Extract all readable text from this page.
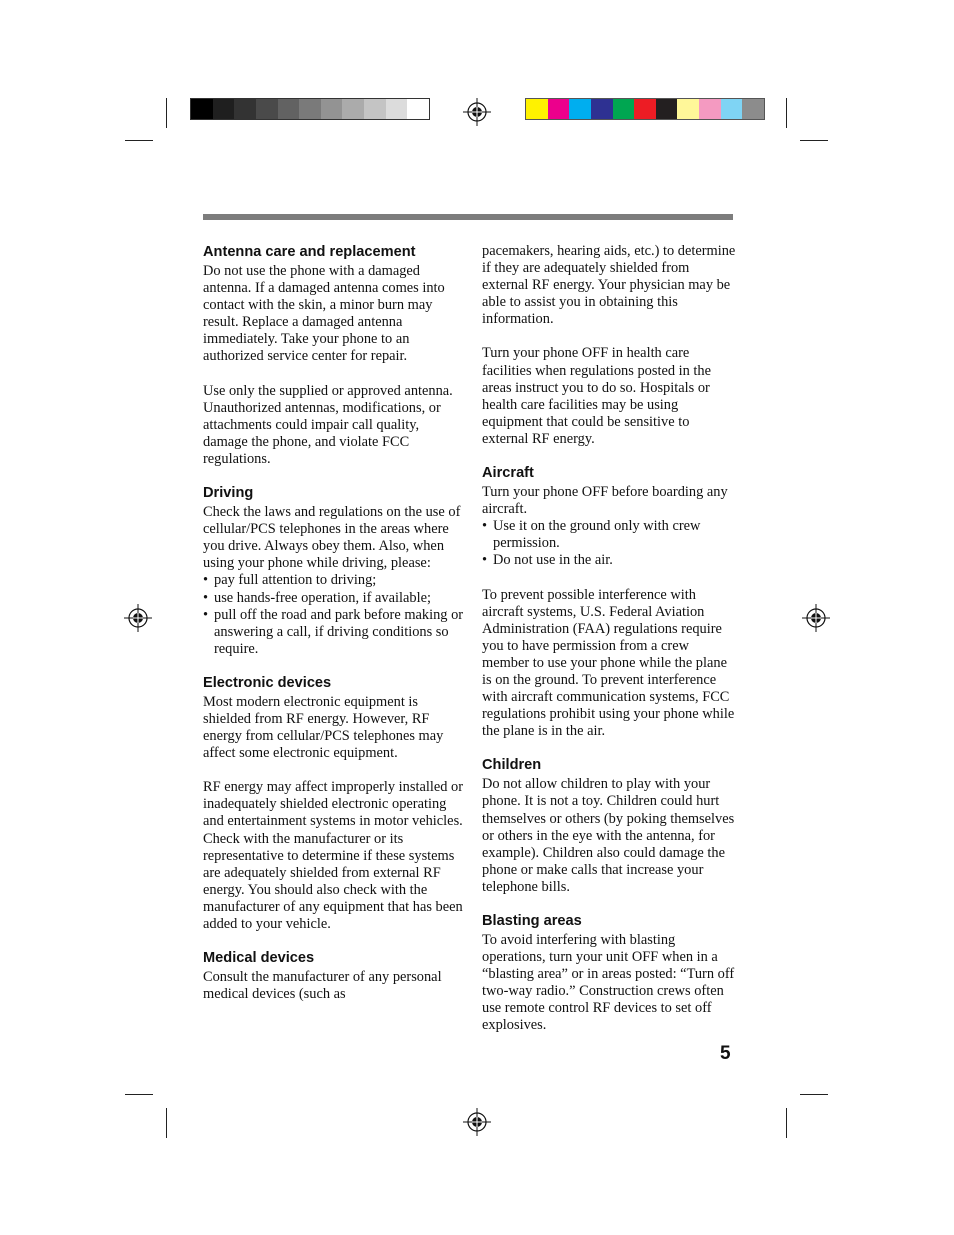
Antenna care and replacement

Do not use the phone with a damaged antenna. If a damaged antenna comes into contact with the skin, a minor burn may result. Replace a damaged antenna immediately. Take your phone to an authorized service center for repair.

Use only the supplied or approved antenna. Unauthorized antennas, modifications, or attachments could impair call quality, damage the phone, and violate FCC regulations.

Driving

Check the laws and regulations on the use of cellular/PCS telephones in the areas where you drive. Always obey them. Also, when using your phone while driving, please:

• pay full attention to driving;
• use hands-free operation, if available;
• pull off the road and park before making or answering a call, if driving conditions so require.
Electronic devices

Most modern electronic equipment is shielded from RF energy. However, RF energy from cellular/PCS telephones may affect some electronic equipment.

RF energy may affect improperly installed or inadequately shielded electronic operating and entertainment systems in motor vehicles. Check with the manufacturer or its representative to determine if these systems are adequately shielded from external RF energy. You should also check with the manufacturer of any equipment that has been added to your vehicle.

Medical devices

Consult the manufacturer of any personal medical devices (such as

pacemakers, hearing aids, etc.) to determine if they are adequately shielded from external RF energy. Your physician may be able to assist you in obtaining this information.

Turn your phone OFF in health care facilities when regulations posted in the areas instruct you to do so. Hospitals or health care facilities may be using equipment that could be sensitive to external RF energy.

Aircraft

Turn your phone OFF before boarding any aircraft.

• Use it on the ground only with crew permission.
• Do not use in the air.

To prevent possible interference with aircraft systems, U.S. Federal Aviation Administration (FAA) regulations require you to have permission from a crew member to use your phone while the plane is on the ground. To prevent interference with aircraft communication systems, FCC regulations prohibit using your phone while the plane is in the air.

Children

Do not allow children to play with your phone. It is not a toy. Children could hurt themselves or others (by poking themselves or others in the eye with the antenna, for example). Children also could damage the phone or make calls that increase your telephone bills.

Blasting areas

To avoid interfering with blasting operations, turn your unit OFF when in a “blasting area” or in areas posted: “Turn off two-way radio.” Construction crews often use remote control RF devices to set off explosives.

5
